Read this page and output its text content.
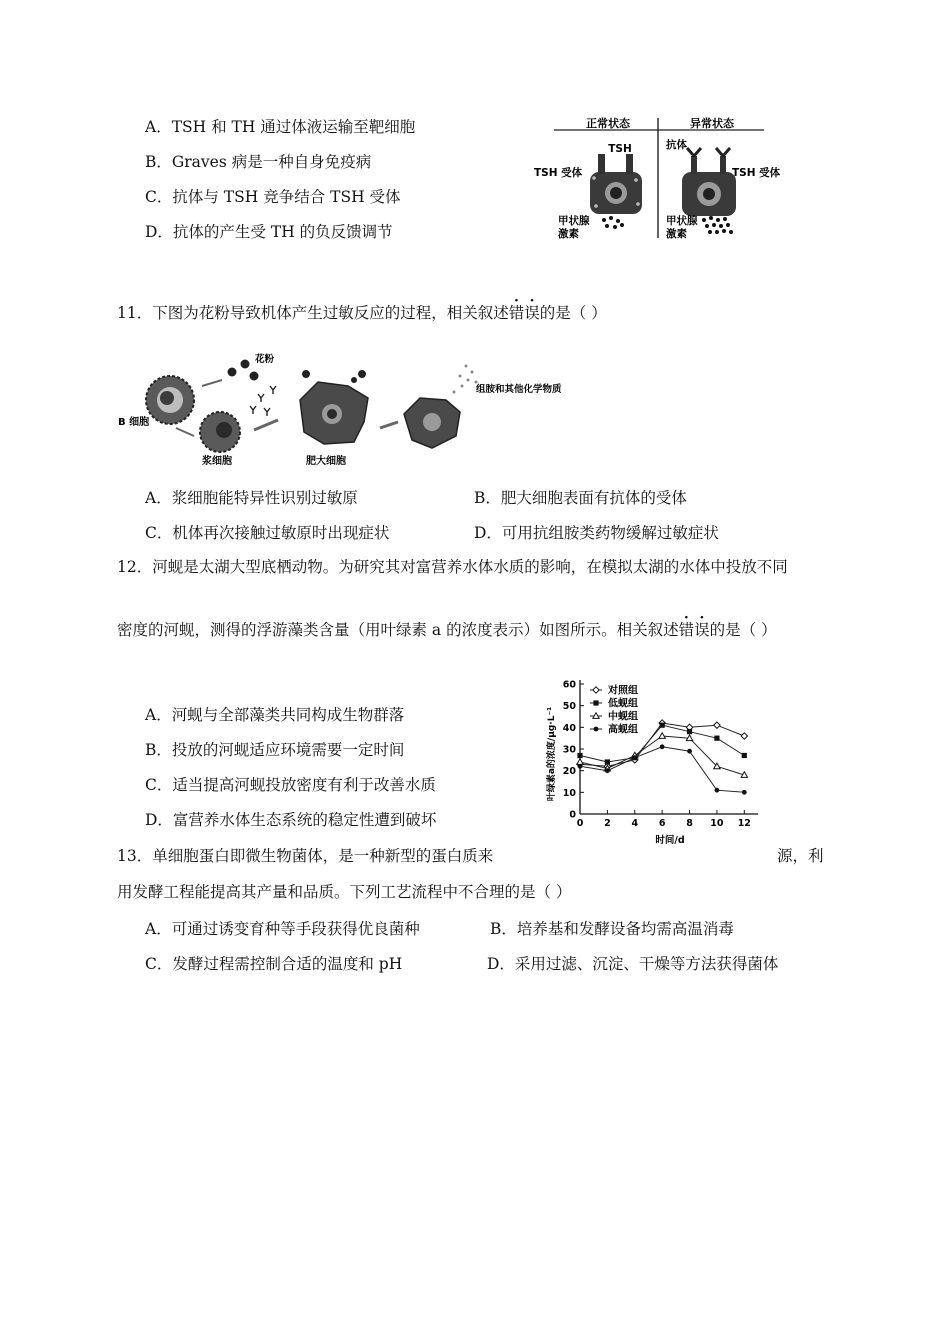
A．TSH 和 TH 通过体液运输至靶细胞
B．Graves 病是一种自身免疫病
C．抗体与 TSH 竞争结合 TSH 受体
D．抗体的产生受 TH 的负反馈调节
正常状态	异常状态
TSH
TSH 受体
甲状腺
激素
抗体
TSH 受体
甲状腺
激素
11．下图为花粉导致机体产生过敏反应的过程，相关叙述错误的是（ ）
B 细胞
花粉
浆细胞	肥大细胞
组胺和其他化学物质
A．浆细胞能特异性识别过敏原	B．肥大细胞表面有抗体的受体
C．机体再次接触过敏原时出现症状	D．可用抗组胺类药物缓解过敏症状
12．河蚬是太湖大型底栖动物。为研究其对富营养水体水质的影响，在模拟太湖的水体中投放不同
密度的河蚬，测得的浮游藻类含量（用叶绿素 a 的浓度表示）如图所示。相关叙述错误的是（ ）
A．河蚬与全部藻类共同构成生物群落
B．投放的河蚬适应环境需要一定时间
C．适当提高河蚬投放密度有利于改善水质
D．富营养水体生态系统的稳定性遭到破坏
叶绿素a的浓度/μg·L⁻¹
时间/d
0
10
20
30
40
50
60
0 2 4 6 8 10 12
对照组
低蚬组
中蚬组
高蚬组
13．单细胞蛋白即微生物菌体，是一种新型的蛋白质来	源，利
用发酵工程能提高其产量和品质。下列工艺流程中不合理的是（ ）
A．可通过诱变育种等手段获得优良菌种	B．培养基和发酵设备均需高温消毒
C．发酵过程需控制合适的温度和 pH	D．采用过滤、沉淀、干燥等方法获得菌体
